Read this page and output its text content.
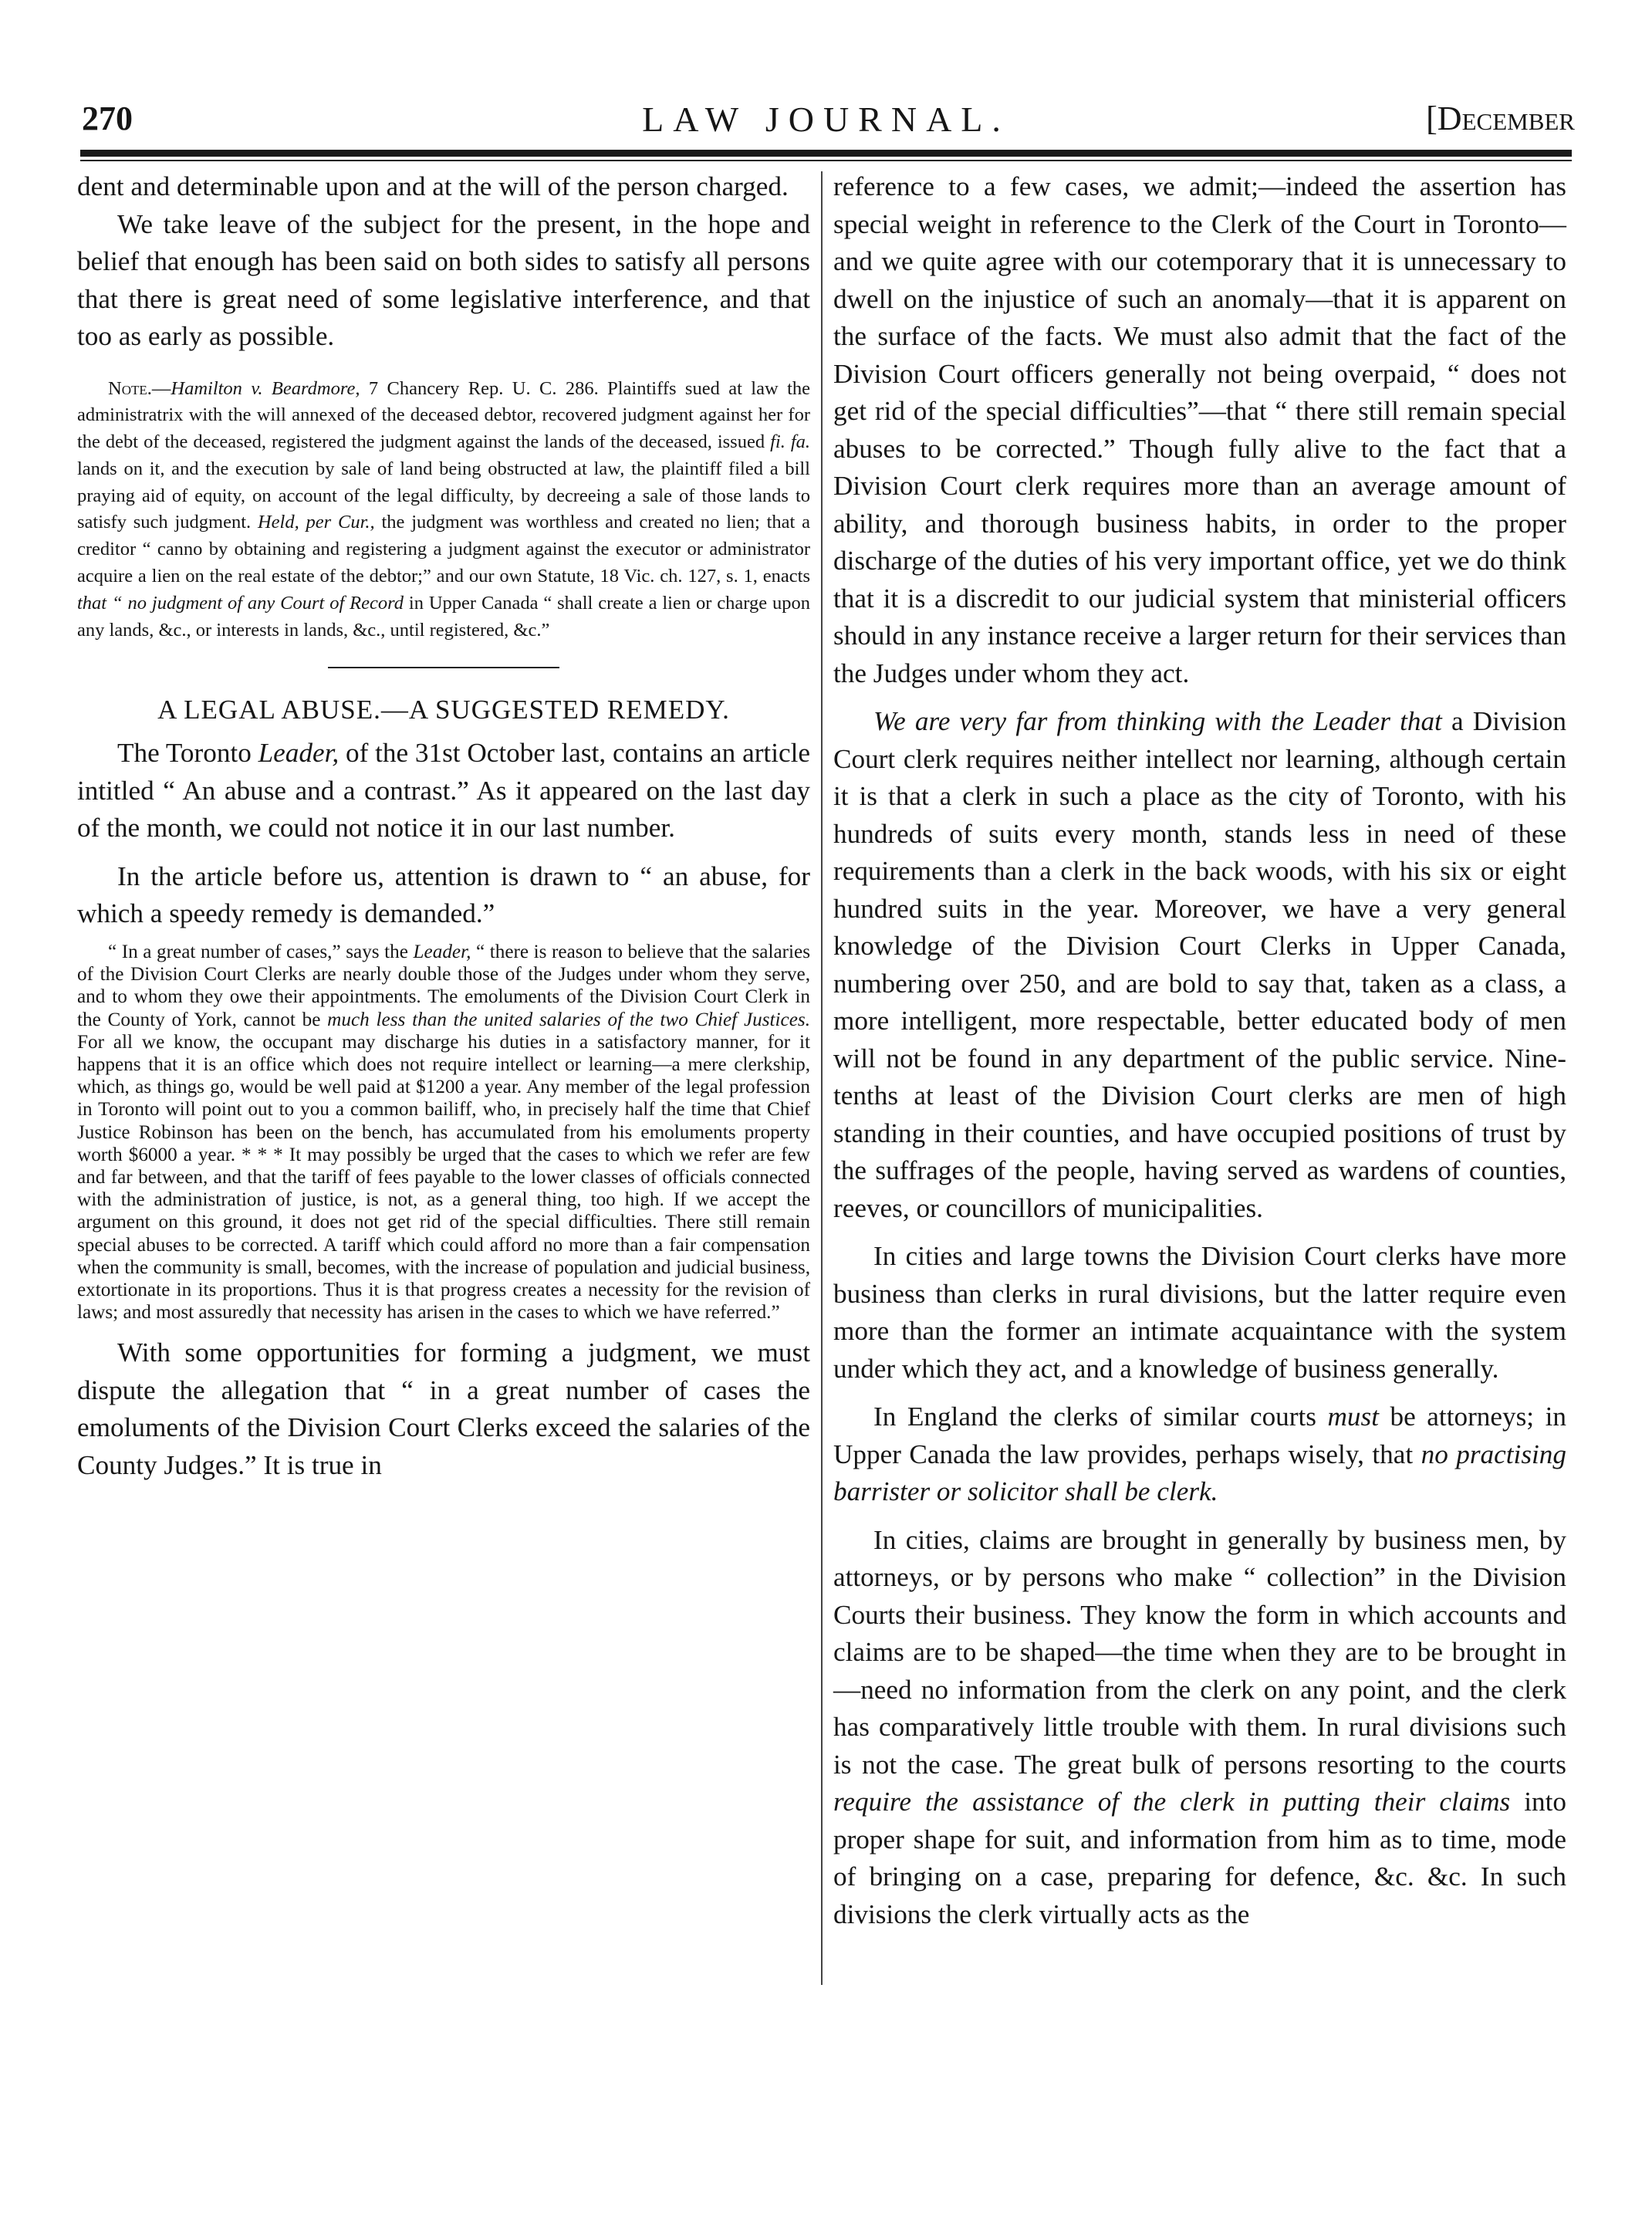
270	LAW JOURNAL.	[December

dent and determinable upon and at the will of the person charged.

We take leave of the subject for the present, in the hope and belief that enough has been said on both sides to satisfy all persons that there is great need of some legislative interference, and that too as early as possible.

Note.—Hamilton v. Beardmore, 7 Chancery Rep. U. C. 286. Plaintiffs sued at law the administratrix with the will annexed of the deceased debtor, recovered judgment against her for the debt of the deceased, registered the judgment against the lands of the deceased, issued fi. fa. lands on it, and the execution by sale of land being obstructed at law, the plaintiff filed a bill praying aid of equity, on account of the legal difficulty, by decreeing a sale of those lands to satisfy such judgment. Held, per Cur., the judgment was worthless and created no lien; that a creditor “ canno by obtaining and registering a judgment against the executor or administrator acquire a lien on the real estate of the debtor;” and our own Statute, 18 Vic. ch. 127, s. 1, enacts that “ no judgment of any Court of Record in Upper Canada “ shall create a lien or charge upon any lands, &c., or interests in lands, &c., until registered, &c.”

A LEGAL ABUSE.—A SUGGESTED REMEDY.

The Toronto Leader, of the 31st October last, contains an article intitled “ An abuse and a contrast.” As it appeared on the last day of the month, we could not notice it in our last number.

In the article before us, attention is drawn to “ an abuse, for which a speedy remedy is demanded.”

“ In a great number of cases,” says the Leader, “ there is reason to believe that the salaries of the Division Court Clerks are nearly double those of the Judges under whom they serve, and to whom they owe their appointments. The emoluments of the Division Court Clerk in the County of York, cannot be much less than the united salaries of the two Chief Justices. For all we know, the occupant may discharge his duties in a satisfactory manner, for it happens that it is an office which does not require intellect or learning—a mere clerkship, which, as things go, would be well paid at $1200 a year. Any member of the legal profession in Toronto will point out to you a common bailiff, who, in precisely half the time that Chief Justice Robinson has been on the bench, has accumulated from his emoluments property worth $6000 a year. * * * It may possibly be urged that the cases to which we refer are few and far between, and that the tariff of fees payable to the lower classes of officials connected with the administration of justice, is not, as a general thing, too high. If we accept the argument on this ground, it does not get rid of the special difficulties. There still remain special abuses to be corrected. A tariff which could afford no more than a fair compensation when the community is small, becomes, with the increase of population and judicial business, extortionate in its proportions. Thus it is that progress creates a necessity for the revision of laws; and most assuredly that necessity has arisen in the cases to which we have referred.”

With some opportunities for forming a judgment, we must dispute the allegation that “ in a great number of cases the emoluments of the Division Court Clerks exceed the salaries of the County Judges.” It is true in

reference to a few cases, we admit;—indeed the assertion has special weight in reference to the Clerk of the Court in Toronto—and we quite agree with our cotemporary that it is unnecessary to dwell on the injustice of such an anomaly—that it is apparent on the surface of the facts. We must also admit that the fact of the Division Court officers generally not being overpaid, “ does not get rid of the special difficulties”—that “ there still remain special abuses to be corrected.” Though fully alive to the fact that a Division Court clerk requires more than an average amount of ability, and thorough business habits, in order to the proper discharge of the duties of his very important office, yet we do think that it is a discredit to our judicial system that ministerial officers should in any instance receive a larger return for their services than the Judges under whom they act.

We are very far from thinking with the Leader that a Division Court clerk requires neither intellect nor learning, although certain it is that a clerk in such a place as the city of Toronto, with his hundreds of suits every month, stands less in need of these requirements than a clerk in the back woods, with his six or eight hundred suits in the year. Moreover, we have a very general knowledge of the Division Court Clerks in Upper Canada, numbering over 250, and are bold to say that, taken as a class, a more intelligent, more respectable, better educated body of men will not be found in any department of the public service. Nine-tenths at least of the Division Court clerks are men of high standing in their counties, and have occupied positions of trust by the suffrages of the people, having served as wardens of counties, reeves, or councillors of municipalities.

In cities and large towns the Division Court clerks have more business than clerks in rural divisions, but the latter require even more than the former an intimate acquaintance with the system under which they act, and a knowledge of business generally.

In England the clerks of similar courts must be attorneys; in Upper Canada the law provides, perhaps wisely, that no practising barrister or solicitor shall be clerk.

In cities, claims are brought in generally by business men, by attorneys, or by persons who make “ collection” in the Division Courts their business. They know the form in which accounts and claims are to be shaped—the time when they are to be brought in—need no information from the clerk on any point, and the clerk has comparatively little trouble with them. In rural divisions such is not the case. The great bulk of persons resorting to the courts require the assistance of the clerk in putting their claims into proper shape for suit, and information from him as to time, mode of bringing on a case, preparing for defence, &c. &c. In such divisions the clerk virtually acts as the
